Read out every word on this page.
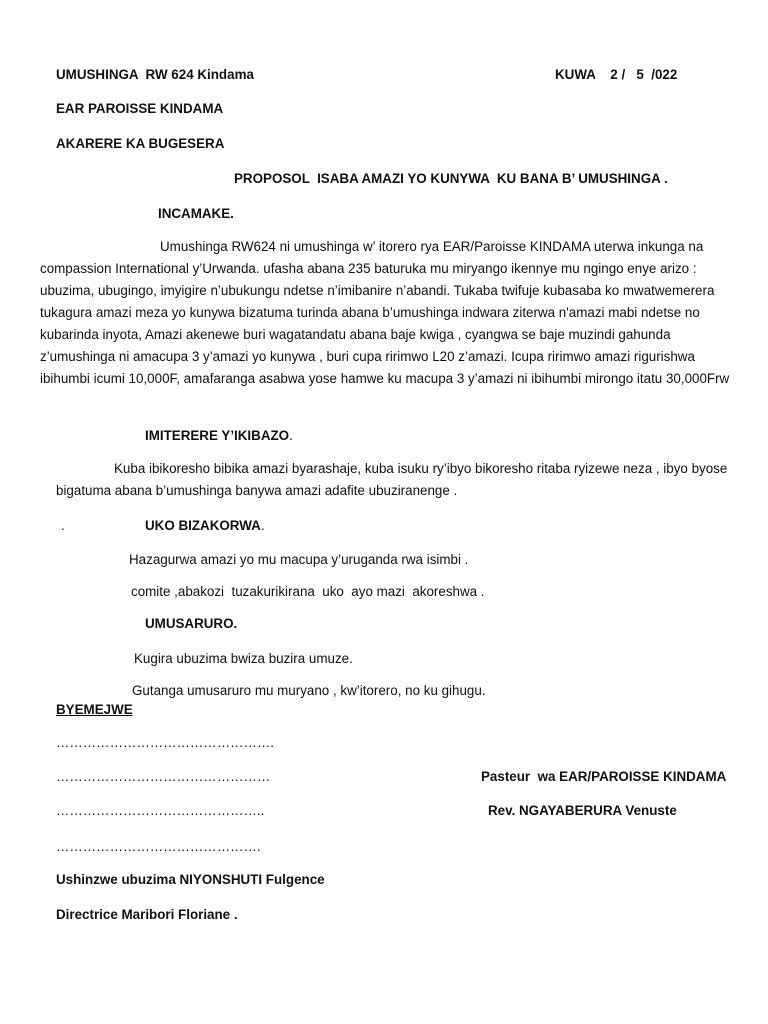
UMUSHINGA  RW 624 Kindama	KUWA    2 /   5  /022
EAR PAROISSE KINDAMA
AKARERE KA BUGESERA
PROPOSOL  ISABA AMAZI YO KUNYWA  KU BANA B’ UMUSHINGA .
INCAMAKE.
Umushinga RW624 ni umushinga w’ itorero rya EAR/Paroisse KINDAMA uterwa inkunga na compassion International y’Urwanda. ufasha abana 235 baturuka mu miryango ikennye mu ngingo enye arizo : ubuzima, ubugingo, imyigire n’ubukungu ndetse n’imibanire n’abandi. Tukaba twifuje kubasaba ko mwatwemerera tukagura amazi meza yo kunywa bizatuma turinda abana b’umushinga indwara ziterwa n'amazi mabi ndetse no kubarinda inyota, Amazi akenewe buri wagatandatu abana baje kwiga , cyangwa se baje muzindi gahunda z’umushinga ni amacupa 3 y’amazi yo kunywa , buri cupa ririmwo L20 z’amazi. Icupa ririmwo amazi rigurishwa ibihumbi icumi 10,000F, amafaranga asabwa yose hamwe ku macupa 3 y’amazi ni ibihumbi mirongo itatu 30,000Frw
IMITERERE Y’IKIBAZO.
Kuba ibikoresho bibika amazi byarashaje, kuba isuku ry’ibyo bikoresho ritaba ryizewe neza , ibyo byose bigatuma abana b’umushinga banywa amazi adafite ubuziranenge .
.	UKO BIZAKORWA.
Hazagurwa amazi yo mu macupa y’uruganda rwa isimbi .
comite ,abakozi  tuzakurikirana  uko  ayo mazi  akoreshwa .
UMUSARURO.
Kugira ubuzima bwiza buzira umuze.
Gutanga umusaruro mu muryano , kw’itorero, no ku gihugu.
BYEMEJWE
………………………………………….
…………………………………………	Pasteur  wa EAR/PAROISSE KINDAMA
………………………………………..	Rev. NGAYABERURA Venuste
……………………………………….
Ushinzwe ubuzima NIYONSHUTI Fulgence
Directrice Maribori Floriane .
